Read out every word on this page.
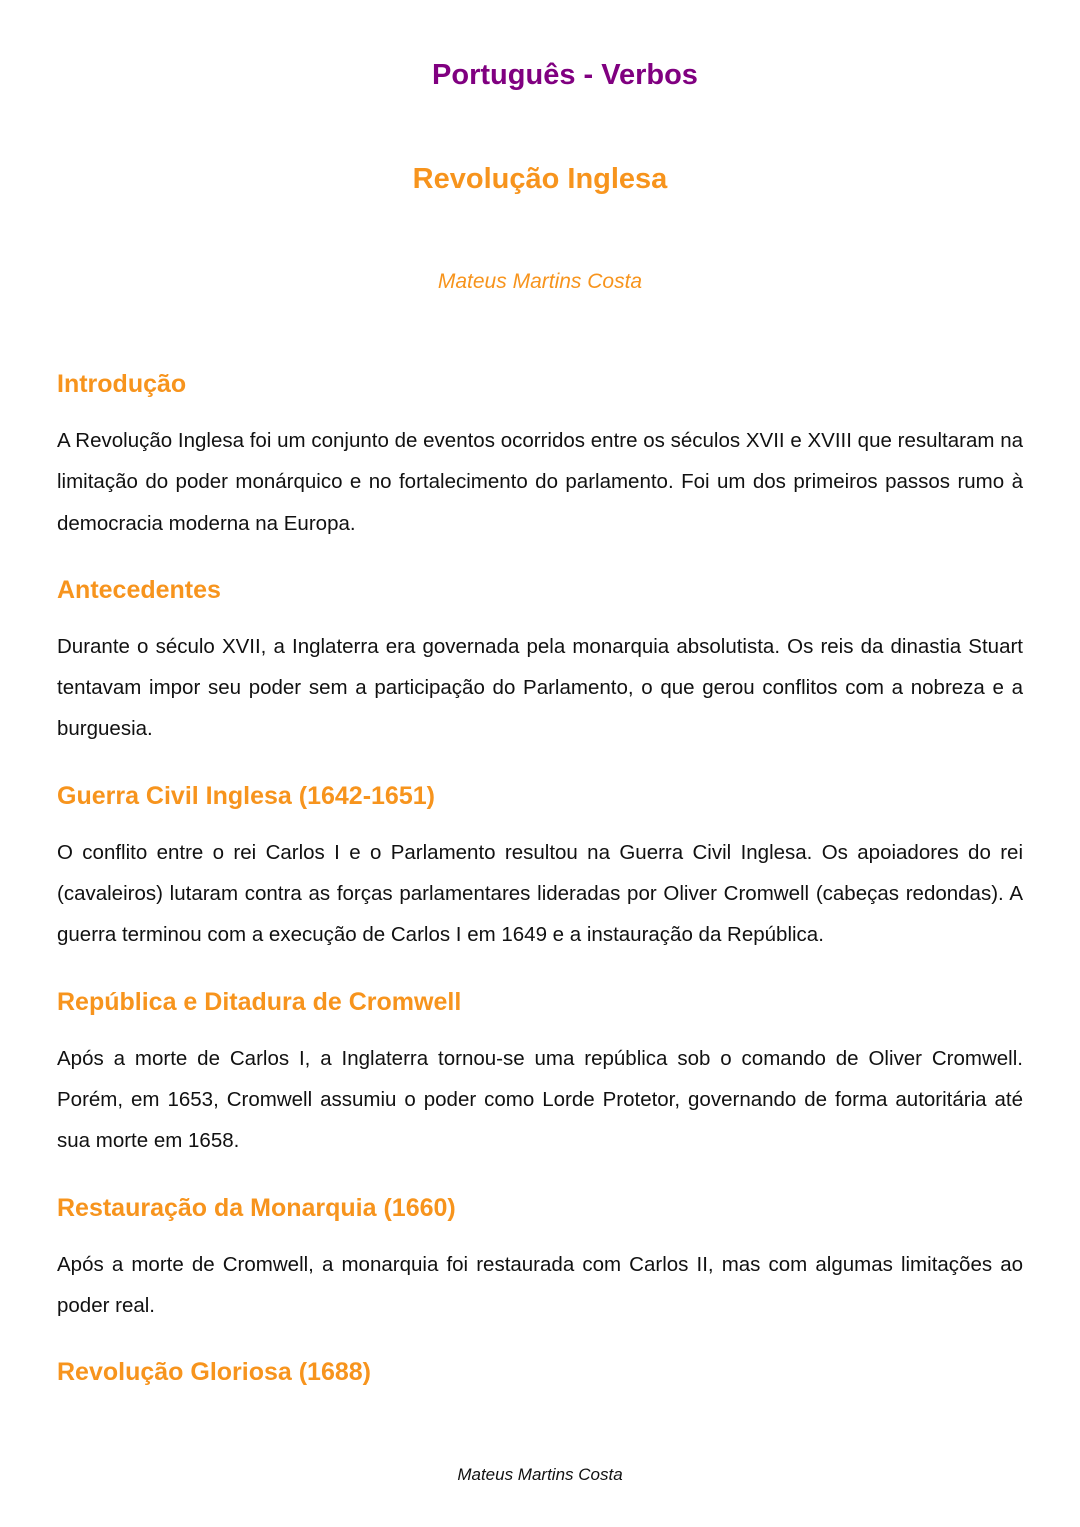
Português - Verbos
Revolução Inglesa
Mateus Martins Costa
Introdução

A Revolução Inglesa foi um conjunto de eventos ocorridos entre os séculos XVII e XVIII que resultaram na limitação do poder monárquico e no fortalecimento do parlamento. Foi um dos primeiros passos rumo à democracia moderna na Europa.

Antecedentes

Durante o século XVII, a Inglaterra era governada pela monarquia absolutista. Os reis da dinastia Stuart tentavam impor seu poder sem a participação do Parlamento, o que gerou conflitos com a nobreza e a burguesia.

Guerra Civil Inglesa (1642-1651)

O conflito entre o rei Carlos I e o Parlamento resultou na Guerra Civil Inglesa. Os apoiadores do rei (cavaleiros) lutaram contra as forças parlamentares lideradas por Oliver Cromwell (cabeças redondas). A guerra terminou com a execução de Carlos I em 1649 e a instauração da República.

República e Ditadura de Cromwell

Após a morte de Carlos I, a Inglaterra tornou-se uma república sob o comando de Oliver Cromwell. Porém, em 1653, Cromwell assumiu o poder como Lorde Protetor, governando de forma autoritária até sua morte em 1658.

Restauração da Monarquia (1660)

Após a morte de Cromwell, a monarquia foi restaurada com Carlos II, mas com algumas limitações ao poder real.

Revolução Gloriosa (1688)
Mateus Martins Costa
